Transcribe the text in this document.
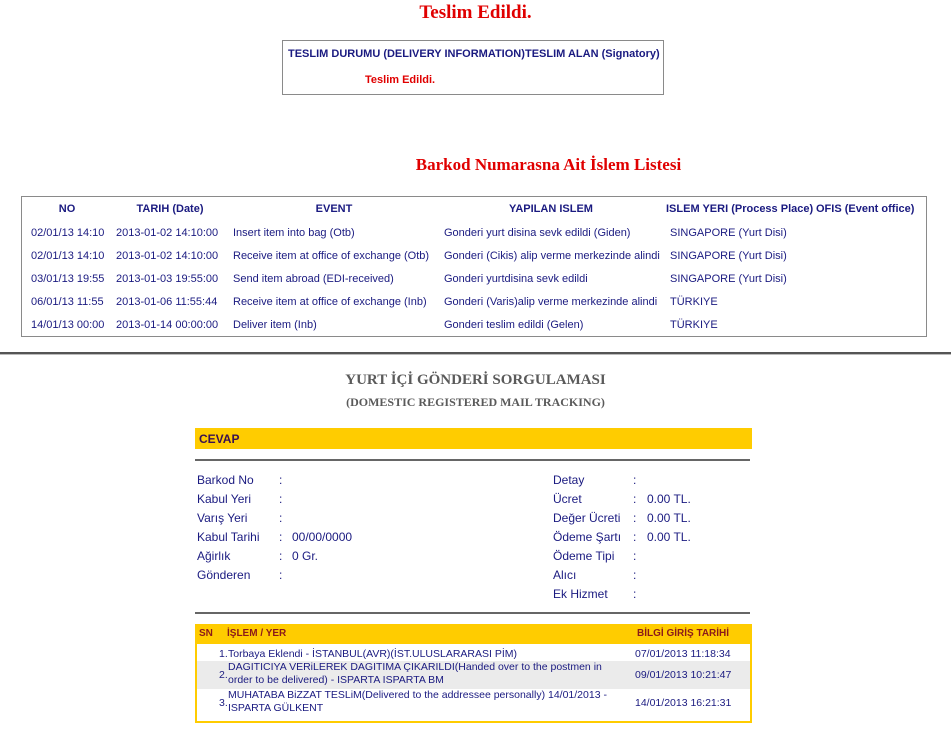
Teslim Edildi.
TESLIM DURUMU (DELIVERY INFORMATION) TESLIM ALAN (Signatory)
Teslim Edildi.
Barkod Numarasna Ait İslem Listesi
NO	TARIH (Date)	EVENT	YAPILAN ISLEM	ISLEM YERI (Process Place)	OFIS (Event office)
02/01/13 14:10	2013-01-02 14:10:00	Insert item into bag (Otb)	Gonderi yurt disina sevk edildi (Giden)	SINGAPORE (Yurt Disi)	
02/01/13 14:10	2013-01-02 14:10:00	Receive item at office of exchange (Otb)	Gonderi (Cikis) alip verme merkezinde alindi	SINGAPORE (Yurt Disi)	
03/01/13 19:55	2013-01-03 19:55:00	Send item abroad (EDI-received)	Gonderi yurtdisina sevk edildi	SINGAPORE (Yurt Disi)	
06/01/13 11:55	2013-01-06 11:55:44	Receive item at office of exchange (Inb)	Gonderi (Varis)alip verme merkezinde alindi	TÜRKIYE	
14/01/13 00:00	2013-01-14 00:00:00	Deliver item (Inb)	Gonderi teslim edildi (Gelen)	TÜRKIYE	
YURT İÇİ GÖNDERİ SORGULAMASI
(DOMESTIC REGISTERED MAIL TRACKING)
CEVAP
Barkod No :
Kabul Yeri :
Varış Yeri	:
Kabul Tarihi : 00/00/0000
Ağirlık	: 0 Gr.
Gönderen :
Detay	:
Ücret	: 0.00 TL.
Değer Ücreti : 0.00 TL.
Ödeme Şartı : 0.00 TL.
Ödeme Tipi :
Alıcı	:
Ek Hizmet :
SN İŞLEM / YER	BİLGİ GİRİŞ TARİHİ
1. Torbaya Eklendi - İSTANBUL(AVR)(İST.ULUSLARARASI PİM)	07/01/2013 11:18:34
2.
DAGITICIYA VERiLEREK DAGITIMA ÇIKARILDI(Handed over to the postmen in order to be delivered) - ISPARTA ISPARTA BM	09/01/2013 10:21:47
3.
MUHATABA BiZZAT TESLiM(Delivered to the addressee personally) 14/01/2013 - ISPARTA GÜLKENT	14/01/2013 16:21:31
